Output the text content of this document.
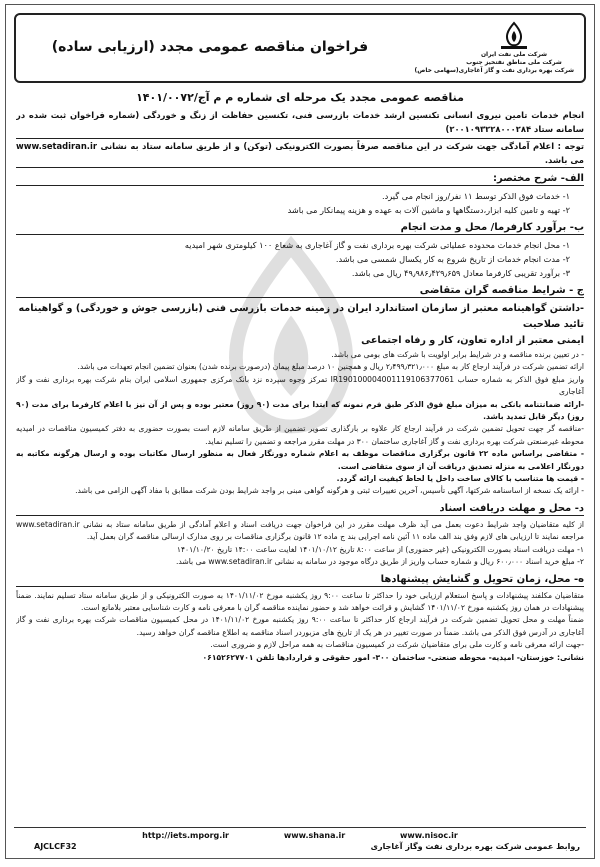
شرکت ملی نفت ایران
شرکت ملی مناطق نفتخیز جنوب
شرکت بهره برداری نفت و گاز آغاجاری(سهامی خاص)
فراخوان مناقصه عمومی مجدد (ارزیابی ساده)

مناقصه عمومی مجدد یک مرحله ای شماره م م آج/۱۴۰۱/۰۰۷۲

انجام خدمات تامین نیروی انسانی تکنسین ارشد خدمات بازرسی فنی، تکنسین حفاظت از زنگ و خوردگی (شماره فراخوان ثبت شده در سامانه ستاد ۲۰۰۱۰۹۳۲۲۸۰۰۰۲۸۴)

توجه : اعلام آمادگی جهت شرکت در این مناقصه صرفاً بصورت الکترونیکی (توکن) و از طریق سامانه ستاد به نشانی www.setadiran.ir می باشد.

الف- شرح مختصر:
۱- خدمات فوق الذکر توسط ۱۱ نفر/روز انجام می گیرد.
۲- تهیه و تامین کلیه ابزار،دستگاهها و ماشین آلات به عهده و هزینه پیمانکار می باشد
ب- برآورد کارفرما/ محل و مدت انجام
۱- محل انجام خدمات محدوده عملیاتی شرکت بهره برداری نفت و گاز آغاجاری به شعاع ۱۰۰ کیلومتری شهر امیدیه
۲- مدت انجام خدمات از تاریخ شروع به کار یکسال شمسی می باشد.
۳- برآورد تقریبی کارفرما معادل ۴۹٫۹۸۶٫۴۲۹٫۶۵۹ ریال می باشد.
ج - شرایط مناقصه گران متقاضی
-داشتن گواهینامه معتبر از سازمان استاندارد ایران در زمینه خدمات بازرسی فنی (بازرسی جوش و خوردگی) و گواهینامه تائید صلاحیت
ایمنی معتبر از اداره تعاون، کار و رفاه اجتماعی
- در تعیین برنده مناقصه و در شرایط برابر اولویت با شرکت های بومی می باشد.
ارائه تضمین شرکت در فرآیند ارجاع کار به مبلغ ۲٫۴۹۹٫۳۲۱٫۰۰۰ ریال و همچنین ۱۰ درصد مبلغ پیمان (درصورت برنده شدن) بعنوان تضمین انجام تعهدات می باشد.
واریز مبلغ فوق الذکر به شماره حساب IR190100004001119106377061 تمرکز وجوه سپرده نزد بانک مرکزی جمهوری اسلامی ایران بنام شرکت بهره برداری نفت و گاز آغاجاری
-ارائه ضمانتنامه بانکی به میزان مبلغ فوق الذکر طبق فرم نمونه که ابتدا برای مدت (۹۰ روز) معتبر بوده و پس از آن نیز با اعلام کارفرما برای مدت (۹۰ روز) دیگر قابل تمدید باشد.
-مناقصه گر جهت تحویل تضمین شرکت در فرآیند ارجاع کار علاوه بر بارگذاری تصویر تضمین از طریق سامانه لازم است بصورت حضوری به دفتر کمیسیون مناقصات در امیدیه محوطه غیرصنعتی شرکت بهره برداری نفت و گاز آغاجاری ساختمان ۳۰۰ در مهلت مقرر مراجعه و تضمین را تسلیم نماید.
- متقاضی براساس ماده ۲۲ قانون برگزاری مناقصات موظف به اعلام شماره دورنگار فعال به منظور ارسال مکاتبات بوده و ارسال هرگونه مکاتبه به دورنگار اعلامی به منزله تصدیق دریافت آن از سوی متقاضی است.
- قیمت ها متناسب با کالای ساخت داخل یا لحاظ کیفیت ارائه گردد.
- ارائه یک نسخه از اساسنامه شرکتها، آگهی تأسیس، آخرین تغییرات ثبتی و هرگونه گواهی مبنی بر واجد شرایط بودن شرکت مطابق با مفاد آگهی الزامی می باشد.
د- محل و مهلت دریافت اسناد
از کلیه متقاضیان واجد شرایط دعوت بعمل می آید ظرف مهلت مقرر در این فراخوان جهت دریافت اسناد و اعلام آمادگی از طریق سامانه ستاد به نشانی www.setadiran.ir مراجعه نمایند تا ارزیابی های لازم وفق بند الف ماده ۱۱ آئین نامه اجرایی بند ج ماده ۱۲ قانون برگزاری مناقصات بر روی مدارک ارسالی مناقصه گران بعمل آید.
۱- مهلت دریافت اسناد بصورت الکترونیکی (غیر حضوری) از ساعت ۸:۰۰ تاریخ ۱۴۰۱/۱۰/۱۲ لغایت ساعت ۱۴:۰۰ تاریخ ۱۴۰۱/۱۰/۲۰
۲- مبلغ خرید اسناد ۶۰۰٫۰۰۰ ریال و شماره حساب واریز از طریق درگاه موجود در سامانه به نشانی www.setadiran.ir می باشد.
ه- محل، زمان تحویل و گشایش پیشنهادها
متقاضیان مکلفند پیشنهادات و پاسخ استعلام ارزیابی خود را حداکثر تا ساعت ۹:۰۰ روز یکشنبه مورخ ۱۴۰۱/۱۱/۰۲ به صورت الکترونیکی و از طریق سامانه ستاد تسلیم نمایند. ضمناً پیشنهادات در همان روز یکشنبه مورخ ۱۴۰۱/۱۱/۰۲ گشایش و قرائت خواهد شد و حضور نماینده مناقصه گران با معرفی نامه و کارت شناسایی معتبر بلامانع است.
ضمناً مهلت و محل تحویل تضمین شرکت در فرآیند ارجاع کار حداکثر تا ساعت ۹:۰۰ روز یکشنبه مورخ ۱۴۰۱/۱۱/۰۲ در محل کمیسیون مناقصات شرکت بهره برداری نفت و گاز آغاجاری در آدرس فوق الذکر می باشد. ضمناً در صورت تغییر در هر یک از تاریخ های مزبوردر اسناد مناقصه به اطلاع مناقصه گران خواهد رسید.
-جهت ارائه معرفی نامه و کارت ملی برای متقاضیان شرکت در کمیسیون مناقصات به همه مراحل لازم و ضروری است.
نشانی: خوزستان- امیدیه- محوطه صنعتی- ساختمان ۳۰۰- امور حقوقی و قراردادها تلفن ۰۶۱۵۲۶۲۷۷۰۱
http://iets.mporg.ir	www.shana.ir	www.nisoc.ir
روابط عمومی شرکت بهره برداری نفت وگاز آغاجاری
AJCLCF32
